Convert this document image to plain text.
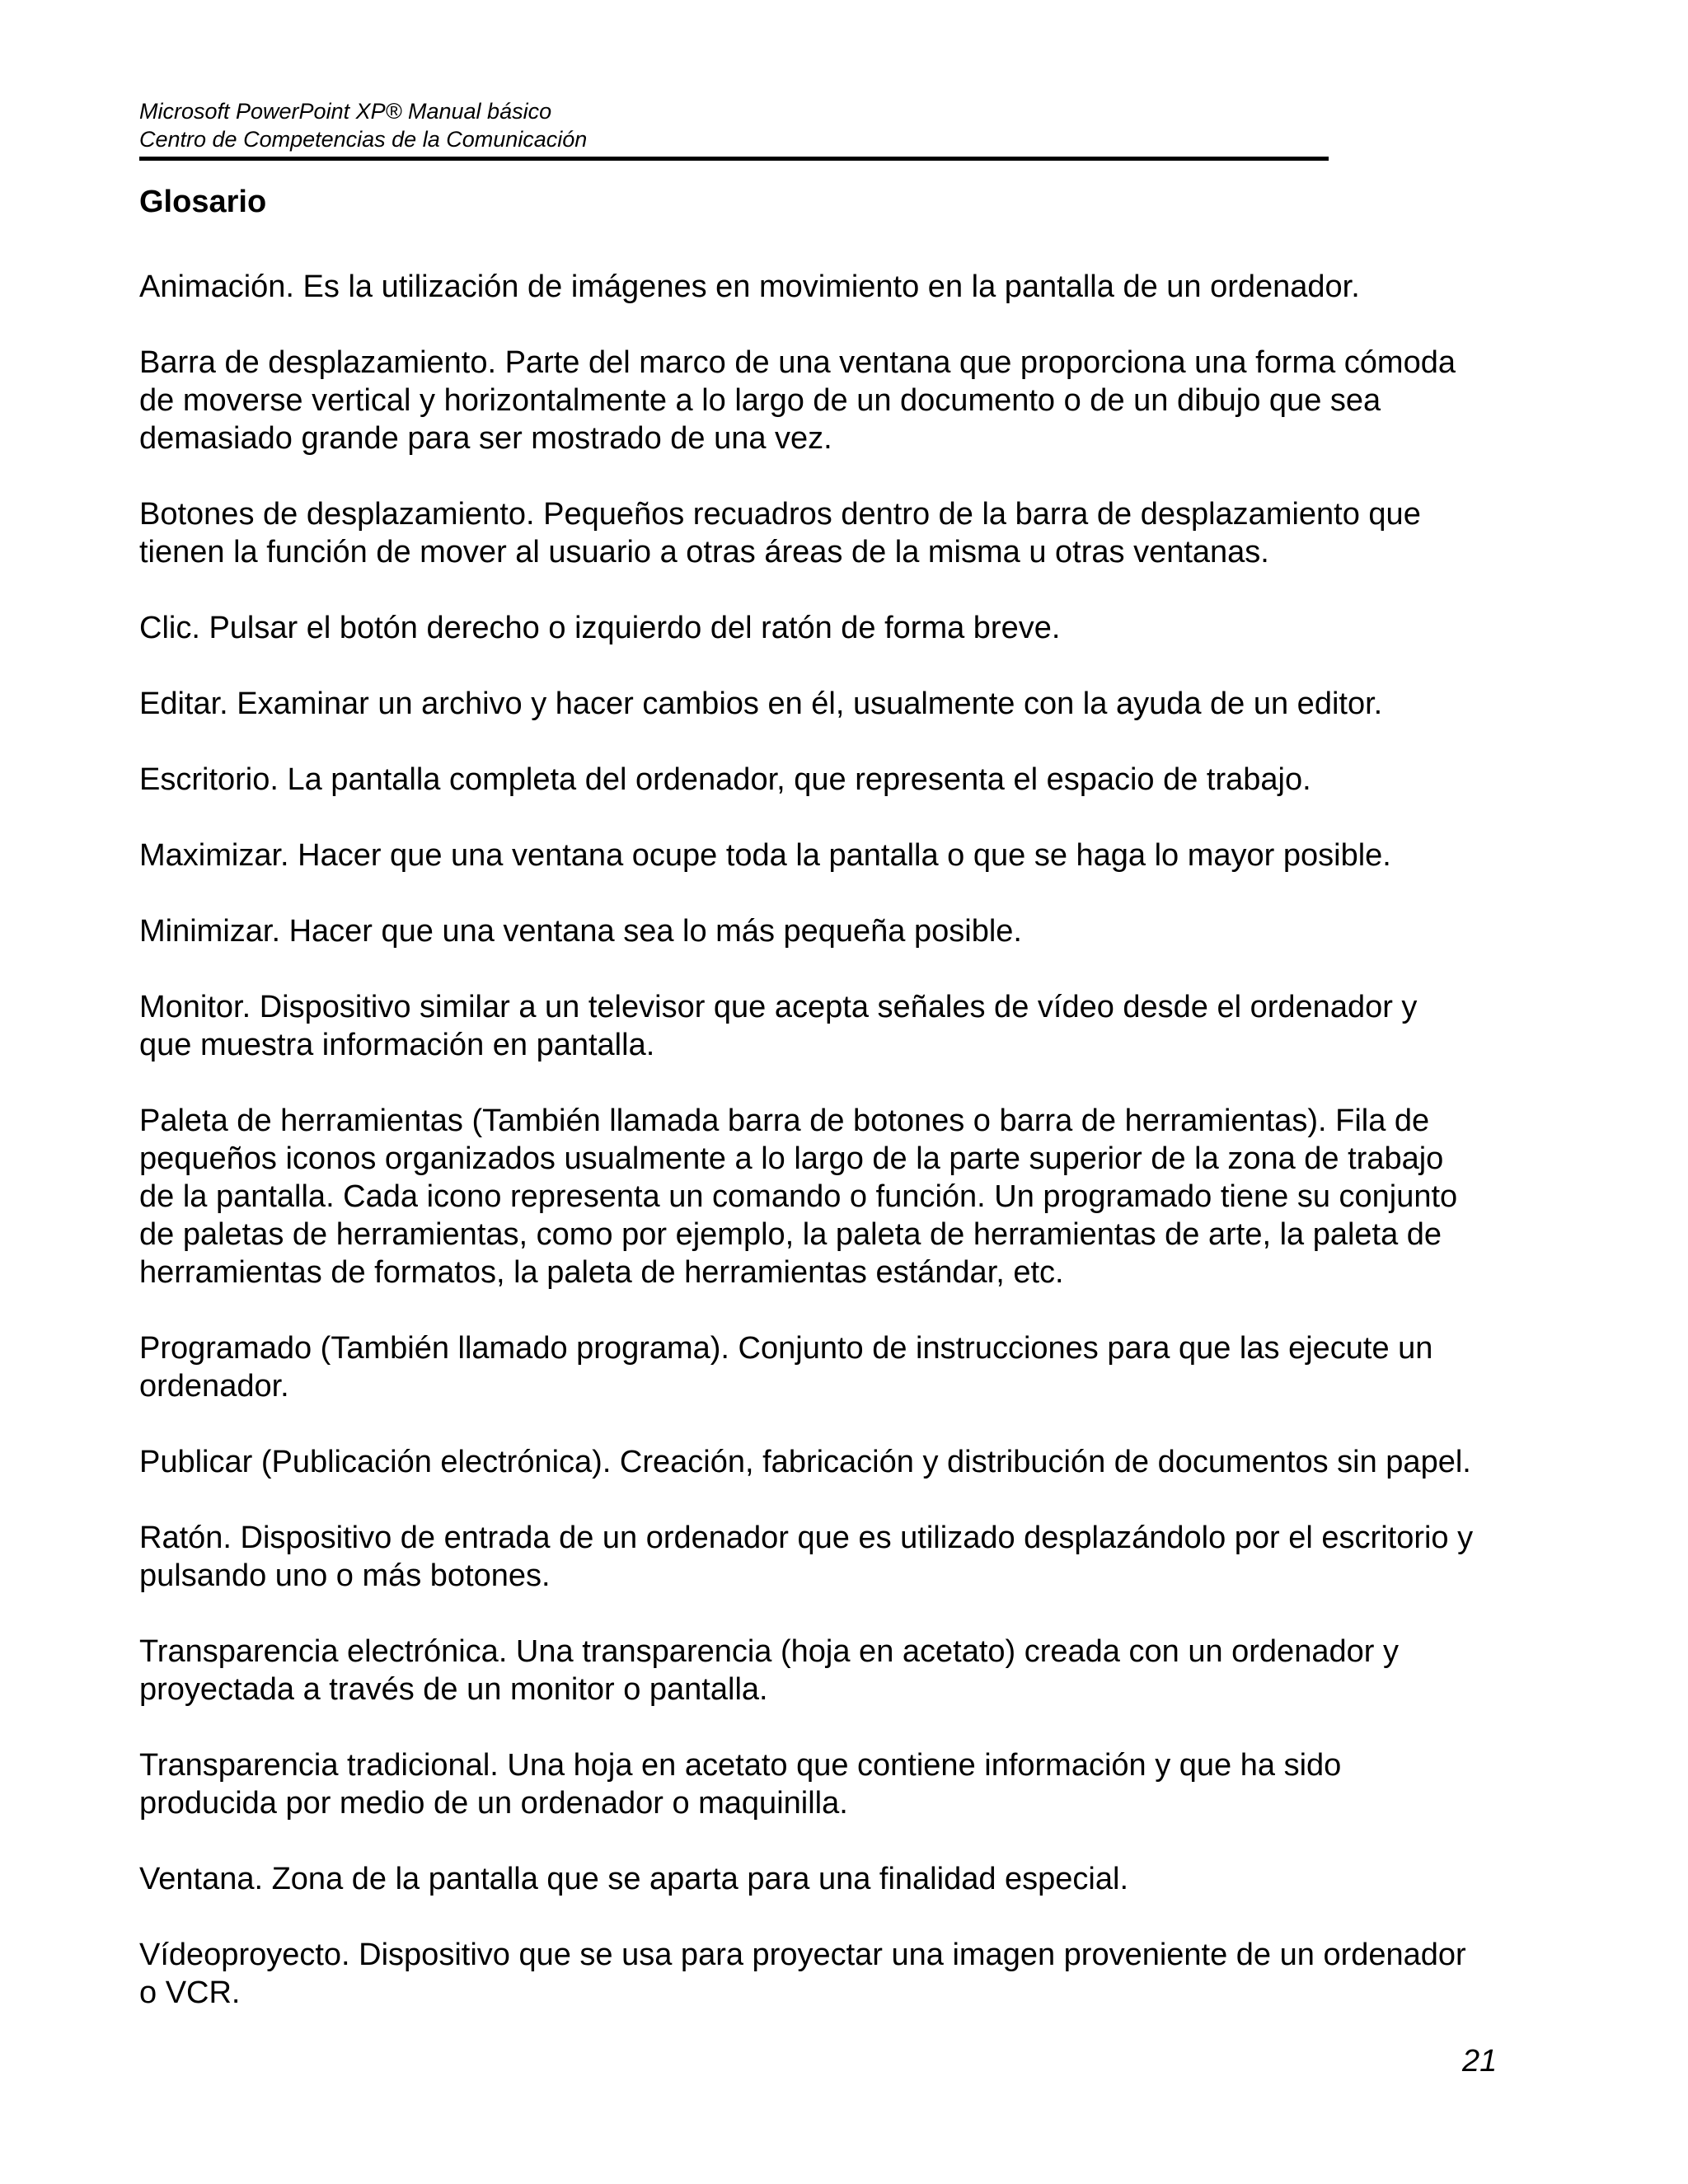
Microsoft PowerPoint XP® Manual básico
Centro de Competencias de la Comunicación
Glosario
Animación. Es la utilización de imágenes en movimiento en la pantalla de un ordenador.
Barra de desplazamiento. Parte del marco de una ventana que proporciona una forma cómoda
de moverse vertical y horizontalmente a lo largo de un documento o de un dibujo que sea
demasiado grande para ser mostrado de una vez.
Botones de desplazamiento. Pequeños recuadros dentro de la barra de desplazamiento que
tienen la función de mover al usuario a otras áreas de la misma u otras ventanas.
Clic. Pulsar el botón derecho o izquierdo del ratón de forma breve.
Editar. Examinar un archivo y hacer cambios en él, usualmente con la ayuda de un editor.
Escritorio. La pantalla completa del ordenador, que representa el espacio de trabajo.
Maximizar. Hacer que una ventana ocupe toda la pantalla o que se haga lo mayor posible.
Minimizar. Hacer que una ventana sea lo más pequeña posible.
Monitor. Dispositivo similar a un televisor que acepta señales de vídeo desde el ordenador y
que muestra información en pantalla.
Paleta de herramientas (También llamada barra de botones o barra de herramientas). Fila de
pequeños iconos organizados usualmente a lo largo de la parte superior de la zona de trabajo
de la pantalla. Cada icono representa un comando o función. Un programado tiene su conjunto
de paletas de herramientas, como por ejemplo, la paleta de herramientas de arte, la paleta de
herramientas de formatos, la paleta de herramientas estándar, etc.
Programado (También llamado programa). Conjunto de instrucciones para que las ejecute un
ordenador.
Publicar (Publicación electrónica). Creación, fabricación y distribución de documentos sin papel.
Ratón. Dispositivo de entrada de un ordenador que es utilizado desplazándolo por el escritorio y
pulsando uno o más botones.
Transparencia electrónica. Una transparencia (hoja en acetato) creada con un ordenador y
proyectada a través de un monitor o pantalla.
Transparencia tradicional. Una hoja en acetato que contiene información y que ha sido
producida por medio de un ordenador o maquinilla.
Ventana. Zona de la pantalla que se aparta para una finalidad especial.
Vídeoproyecto. Dispositivo que se usa para proyectar una imagen proveniente de un ordenador
o VCR.
21
